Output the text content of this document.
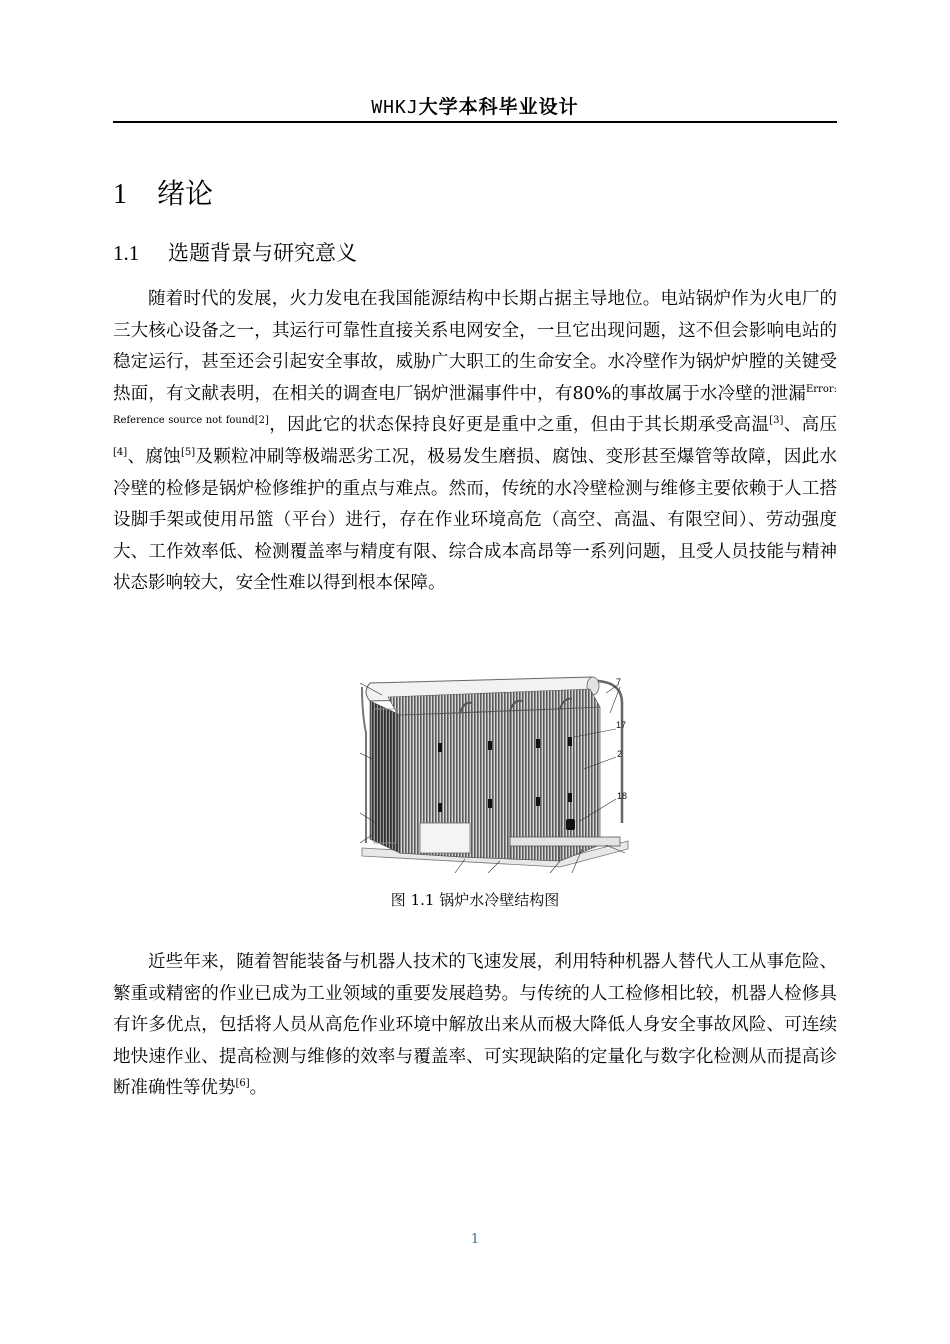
WHKJ大学本科毕业设计
1 绪论
1.1 选题背景与研究意义

随着时代的发展，火力发电在我国能源结构中长期占据主导地位。电站锅炉作为火电厂的三大核心设备之一，其运行可靠性直接关系电网安全，一旦它出现问题，这不但会影响电站的稳定运行，甚至还会引起安全事故，威胁广大职工的生命安全。水冷壁作为锅炉炉膛的关键受热面，有文献表明，在相关的调查电厂锅炉泄漏事件中，有80%的事故属于水冷壁的泄漏$^{Error: Reference source not found[2]}$，因此它的状态保持良好更是重中之重，但由于其长期承受高温[3]、高压[4]、腐蚀[5]及颗粒冲刷等极端恶劣工况，极易发生磨损、腐蚀、变形甚至爆管等故障，因此水冷壁的检修是锅炉检修维护的重点与难点。然而，传统的水冷壁检测与维修主要依赖于人工搭设脚手架或使用吊篮（平台）进行，存在作业环境高危（高空、高温、有限空间）、劳动强度大、工作效率低、检测覆盖率与精度有限、综合成本高昂等一系列问题，且受人员技能与精神状态影响较大，安全性难以得到根本保障。

7
17
2
18
图 1.1 锅炉水冷壁结构图

近些年来，随着智能装备与机器人技术的飞速发展，利用特种机器人替代人工从事危险、繁重或精密的作业已成为工业领域的重要发展趋势。与传统的人工检修相比较，机器人检修具有许多优点，包括将人员从高危作业环境中解放出来从而极大降低人身安全事故风险、可连续地快速作业、提高检测与维修的效率与覆盖率、可实现缺陷的定量化与数字化检测从而提高诊断准确性等优势[6]。

1
